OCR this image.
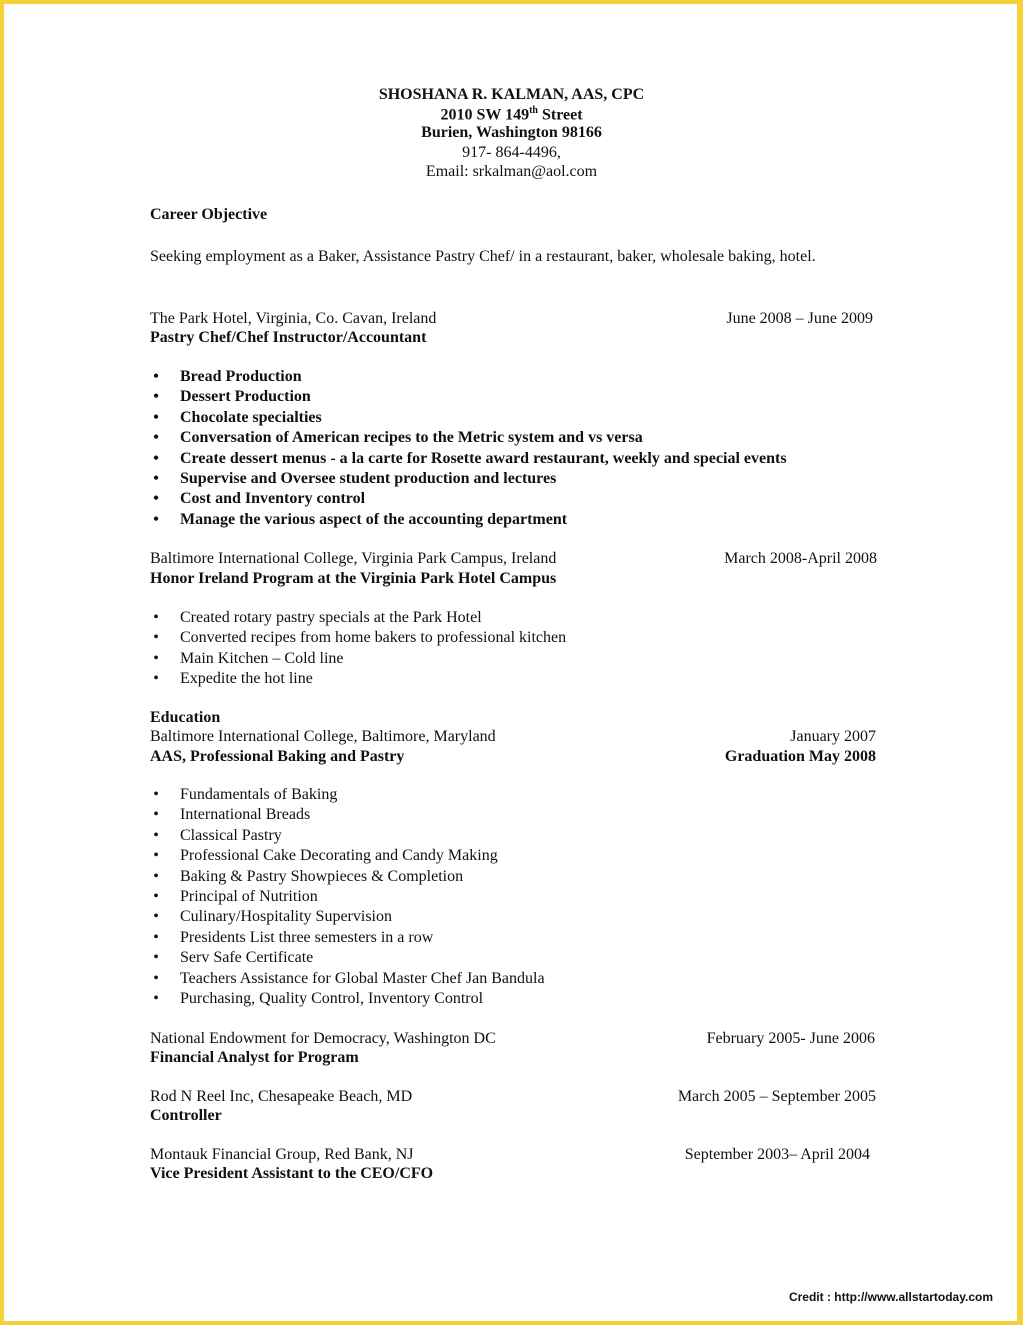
SHOSHANA R. KALMAN, AAS, CPC
2010 SW 149th Street
Burien, Washington 98166
917- 864-4496,
Email: srkalman@aol.com
Career Objective
Seeking employment as a Baker, Assistance Pastry Chef/ in a restaurant, baker, wholesale baking, hotel.
The Park Hotel, Virginia, Co. Cavan, Ireland	June 2008 – June 2009
Pastry Chef/Chef Instructor/Accountant
• Bread Production
• Dessert Production
• Chocolate specialties
• Conversation of American recipes to the Metric system and vs versa
• Create dessert menus - a la carte for Rosette award restaurant, weekly and special events
• Supervise and Oversee student production and lectures
• Cost and Inventory control
• Manage the various aspect of the accounting department
Baltimore International College, Virginia Park Campus, Ireland	March 2008-April 2008
Honor Ireland Program at the Virginia Park Hotel Campus
• Created rotary pastry specials at the Park Hotel
• Converted recipes from home bakers to professional kitchen
• Main Kitchen – Cold line
• Expedite the hot line
Education
Baltimore International College, Baltimore, Maryland	January 2007
AAS, Professional Baking and Pastry	Graduation May 2008
• Fundamentals of Baking
• International Breads
• Classical Pastry
• Professional Cake Decorating and Candy Making
• Baking & Pastry Showpieces & Completion
• Principal of Nutrition
• Culinary/Hospitality Supervision
• Presidents List three semesters in a row
• Serv Safe Certificate
• Teachers Assistance for Global Master Chef Jan Bandula
• Purchasing, Quality Control, Inventory Control
National Endowment for Democracy, Washington DC	February 2005- June 2006
Financial Analyst for Program
Rod N Reel Inc, Chesapeake Beach, MD	March 2005 – September 2005
Controller
Montauk Financial Group, Red Bank, NJ	September 2003– April 2004
Vice President Assistant to the CEO/CFO
Credit : http://www.allstartoday.com
